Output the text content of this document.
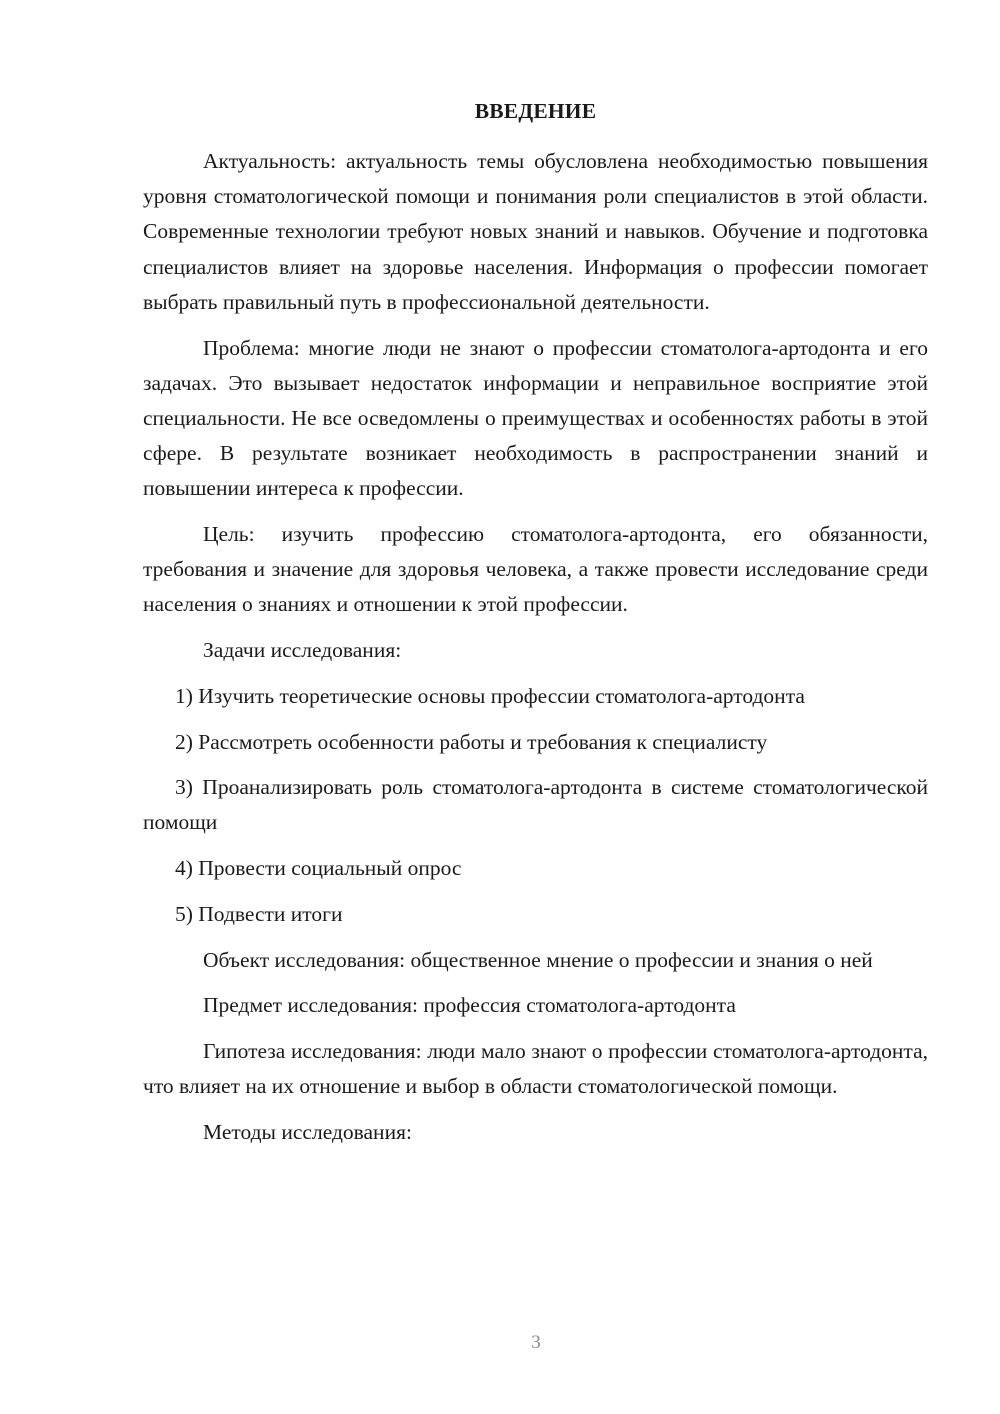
ВВЕДЕНИЕ

Актуальность: актуальность темы обусловлена необходимостью повышения уровня стоматологической помощи и понимания роли специалистов в этой области. Современные технологии требуют новых знаний и навыков. Обучение и подготовка специалистов влияет на здоровье населения. Информация о профессии помогает выбрать правильный путь в профессиональной деятельности.

Проблема: многие люди не знают о профессии стоматолога-артодонта и его задачах. Это вызывает недостаток информации и неправильное восприятие этой специальности. Не все осведомлены о преимуществах и особенностях работы в этой сфере. В результате возникает необходимость в распространении знаний и повышении интереса к профессии.

Цель: изучить профессию стоматолога-артодонта, его обязанности, требования и значение для здоровья человека, а также провести исследование среди населения о знаниях и отношении к этой профессии.

Задачи исследования:

1) Изучить теоретические основы профессии стоматолога-артодонта

2) Рассмотреть особенности работы и требования к специалисту

3) Проанализировать роль стоматолога-артодонта в системе стоматологической помощи

4) Провести социальный опрос

5) Подвести итоги

Объект исследования: общественное мнение о профессии и знания о ней

Предмет исследования: профессия стоматолога-артодонта

Гипотеза исследования: люди мало знают о профессии стоматолога-артодонта, что влияет на их отношение и выбор в области стоматологической помощи.

Методы исследования:

3
